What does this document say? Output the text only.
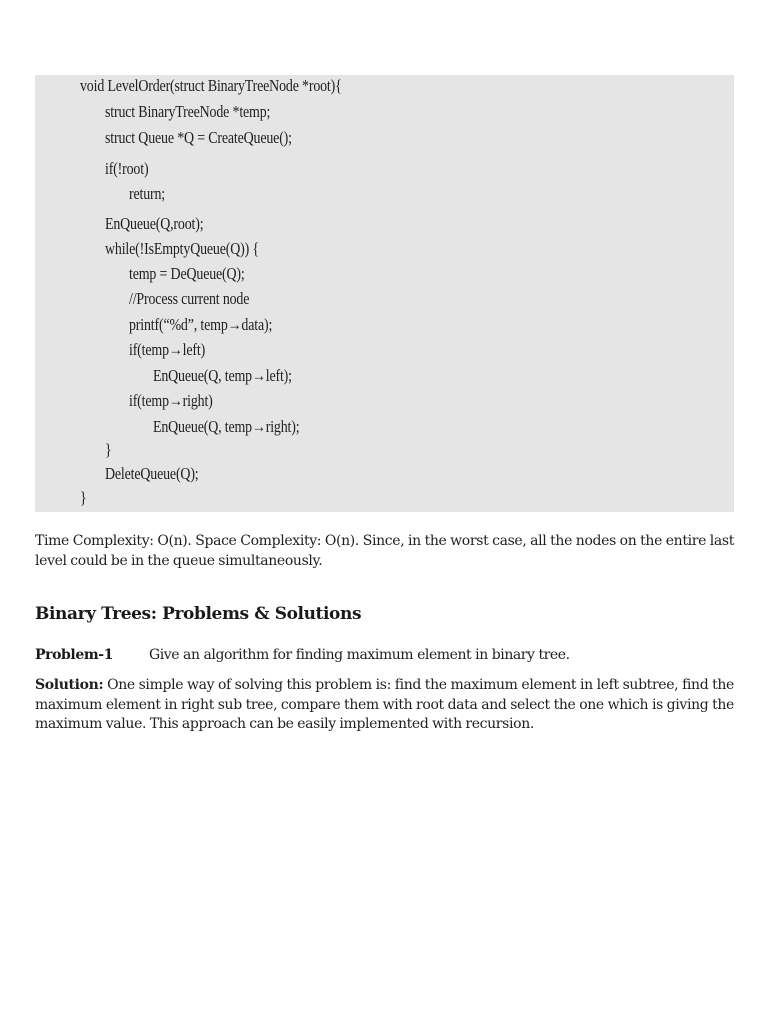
void LevelOrder(struct BinaryTreeNode *root){
struct BinaryTreeNode *temp;
struct Queue *Q = CreateQueue();
if(!root)
return;
EnQueue(Q,root);
while(!IsEmptyQueue(Q)) {
temp = DeQueue(Q);
//Process current node
printf(“%d”, temp→data);
if(temp→left)
EnQueue(Q, temp→left);
if(temp→right)
EnQueue(Q, temp→right);
}
DeleteQueue(Q);
}
Time Complexity: O(n). Space Complexity: O(n). Since, in the worst case, all the nodes on the entire last level could be in the queue simultaneously.
Binary Trees: Problems & Solutions
Problem-1	Give an algorithm for finding maximum element in binary tree.
Solution: One simple way of solving this problem is: find the maximum element in left subtree, find the maximum element in right sub tree, compare them with root data and select the one which is giving the maximum value. This approach can be easily implemented with recursion.
